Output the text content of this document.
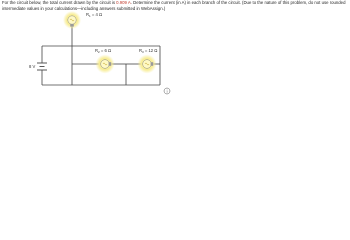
For the circuit below, the total current drawn by the circuit is 0.909 A. Determine the current (in A) in each branch of the circuit. (Due to the nature of this problem, do not use rounded
intermediate values in your calculations—including answers submitted in WebAssign.)
8 V
$R_1 = 4$ Ω
$R_2 = 6$ Ω	$R_3 = 12$ Ω
i
